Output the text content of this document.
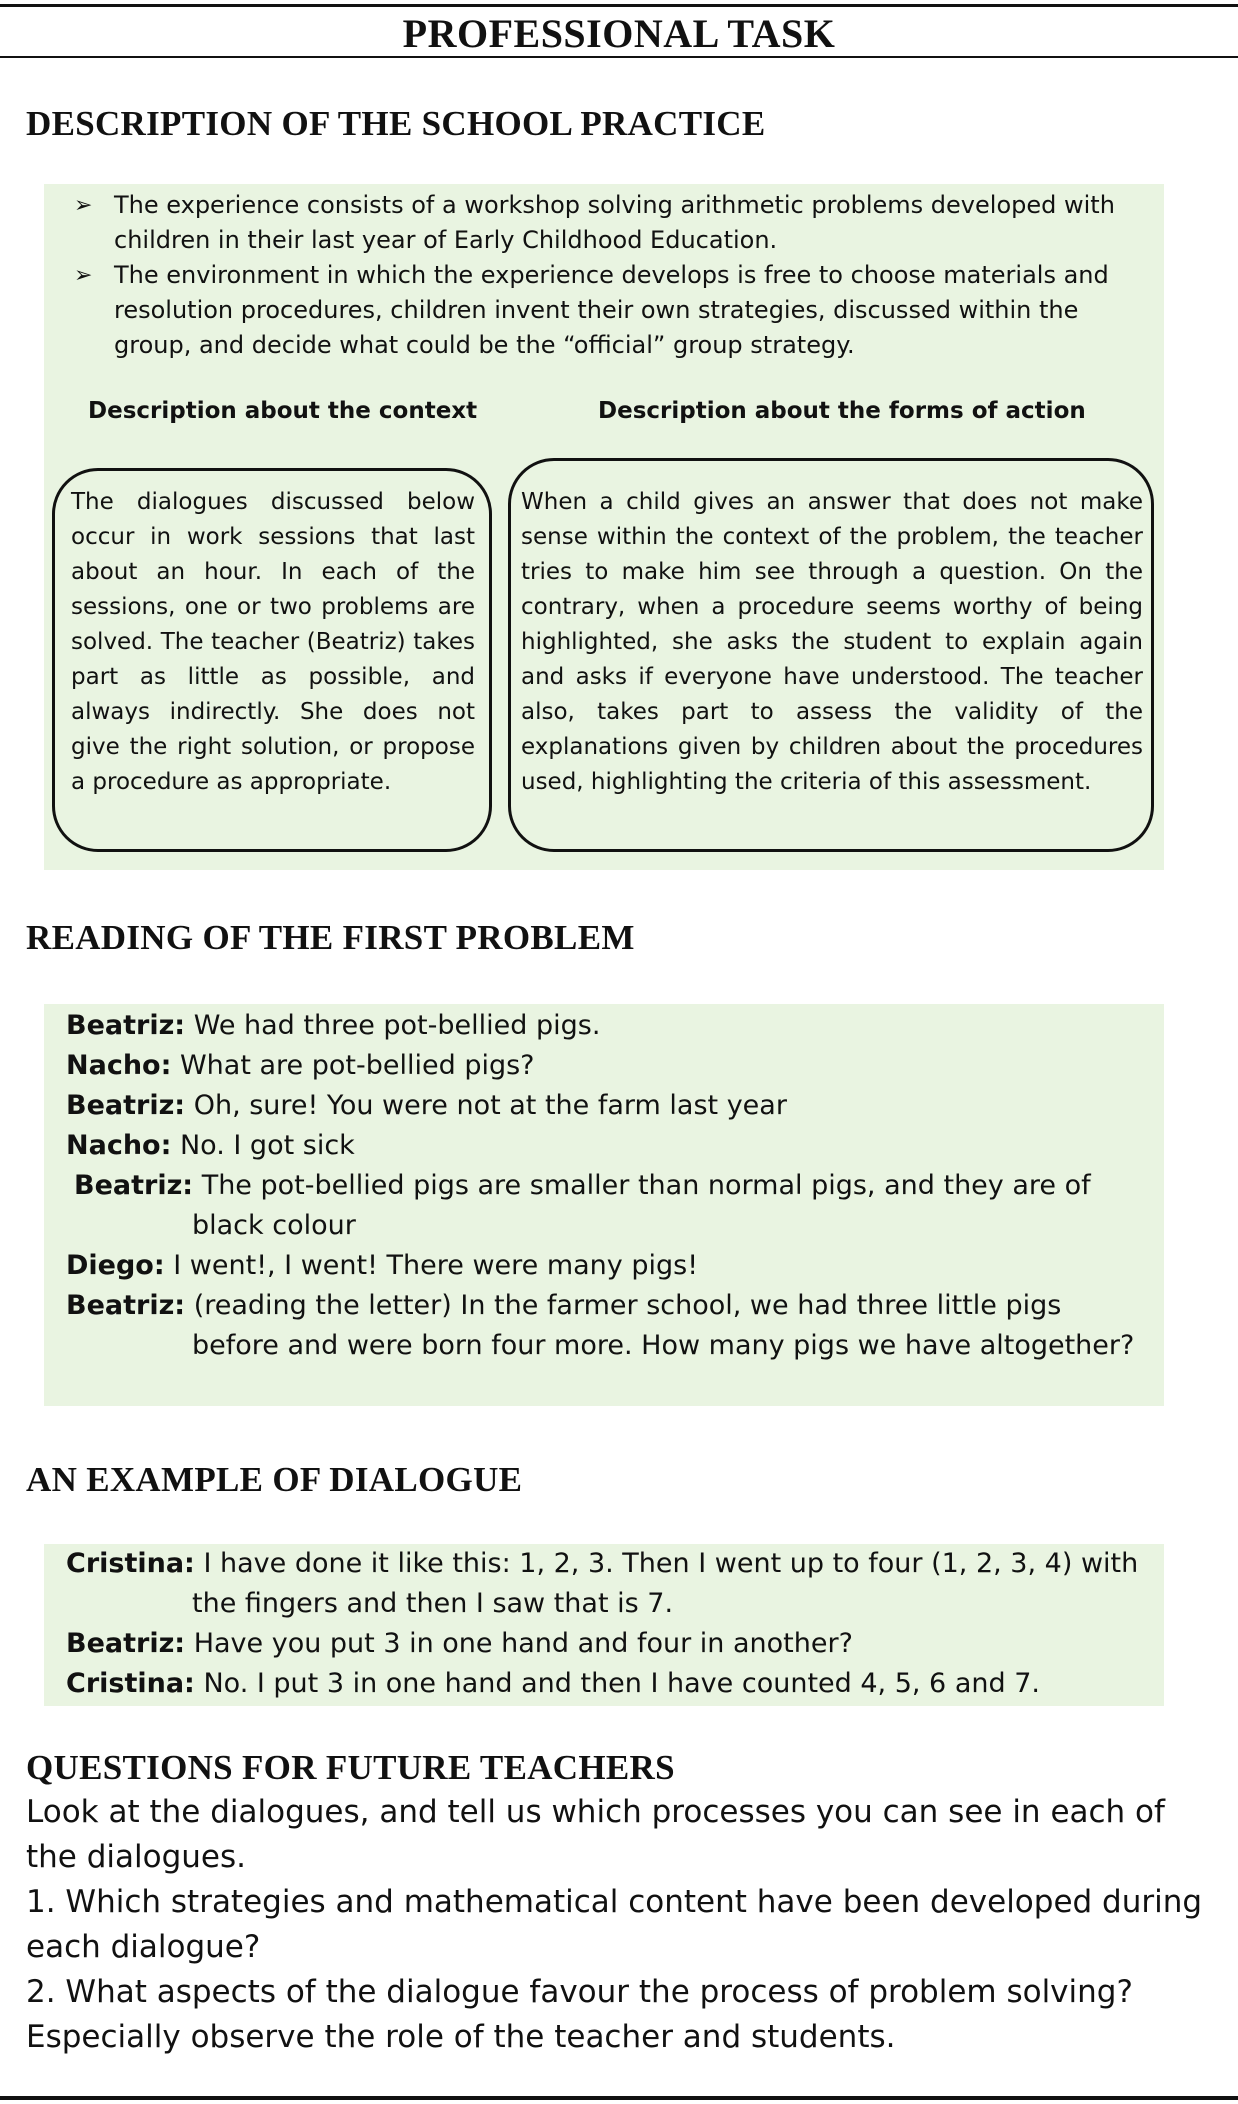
PROFESSIONAL TASK
DESCRIPTION OF THE SCHOOL PRACTICE
➢ The experience consists of a workshop solving arithmetic problems developed with children in their last year of Early Childhood Education.
➢ The environment in which the experience develops is free to choose materials and resolution procedures, children invent their own strategies, discussed within the group, and decide what could be the “official” group strategy.
Description about the context	Description about the forms of action
The dialogues discussed below occur in work sessions that last about an hour. In each of the sessions, one or two problems are solved. The teacher (Beatriz) takes part as little as possible, and always indirectly. She does not give the right solution, or propose a procedure as appropriate.
When a child gives an answer that does not make sense within the context of the problem, the teacher tries to make him see through a question. On the contrary, when a procedure seems worthy of being highlighted, she asks the student to explain again and asks if everyone have understood. The teacher also, takes part to assess the validity of the explanations given by children about the procedures used, highlighting the criteria of this assessment.
READING OF THE FIRST PROBLEM
Beatriz: We had three pot-bellied pigs.
Nacho: What are pot-bellied pigs?
Beatriz: Oh, sure! You were not at the farm last year
Nacho: No. I got sick
Beatriz: The pot-bellied pigs are smaller than normal pigs, and they are of
black colour
Diego: I went!, I went! There were many pigs!
Beatriz: (reading the letter) In the farmer school, we had three little pigs
before and were born four more. How many pigs we have altogether?
AN EXAMPLE OF DIALOGUE
Cristina: I have done it like this: 1, 2, 3. Then I went up to four (1, 2, 3, 4) with
the fingers and then I saw that is 7.
Beatriz: Have you put 3 in one hand and four in another?
Cristina: No. I put 3 in one hand and then I have counted 4, 5, 6 and 7.
QUESTIONS FOR FUTURE TEACHERS
Look at the dialogues, and tell us which processes you can see in each of the dialogues.
1. Which strategies and mathematical content have been developed during each dialogue?
2. What aspects of the dialogue favour the process of problem solving? Especially observe the role of the teacher and students.
